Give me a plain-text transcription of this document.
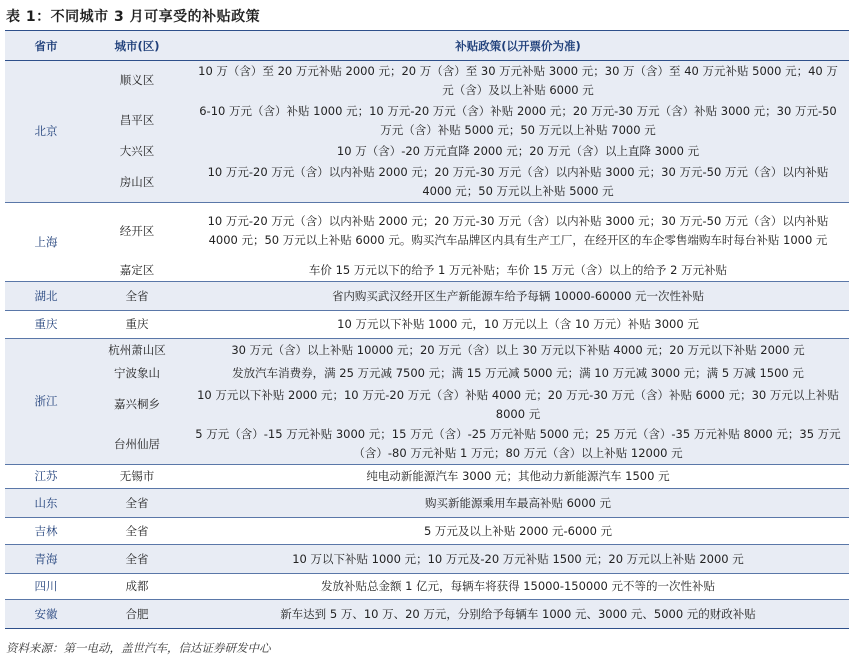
表 1：不同城市 3 月可享受的补贴政策
省市	城市(区)	补贴政策(以开票价为准)
北京	顺义区	10 万（含）至 20 万元补贴 2000 元；20 万（含）至 30 万元补贴 3000 元；30 万（含）至 40 万元补贴 5000 元；40 万元（含）及以上补贴 6000 元
	昌平区	6-10 万元（含）补贴 1000 元；10 万元-20 万元（含）补贴 2000 元；20 万元-30 万元（含）补贴 3000 元；30 万元-50 万元（含）补贴 5000 元；50 万元以上补贴 7000 元
	大兴区	10 万（含）-20 万元直降 2000 元；20 万元（含）以上直降 3000 元
	房山区	10 万元-20 万元（含）以内补贴 2000 元；20 万元-30 万元（含）以内补贴 3000 元；30 万元-50 万元（含）以内补贴 4000 元；50 万元以上补贴 5000 元
上海	经开区	10 万元-20 万元（含）以内补贴 2000 元；20 万元-30 万元（含）以内补贴 3000 元；30 万元-50 万元（含）以内补贴 4000 元；50 万元以上补贴 6000 元。购买汽车品牌区内具有生产工厂，在经开区的车企零售端购车时每台补贴 1000 元
	嘉定区	车价 15 万元以下的给予 1 万元补贴；车价 15 万元（含）以上的给予 2 万元补贴
湖北	全省	省内购买武汉经开区生产新能源车给予每辆 10000-60000 元一次性补贴
重庆	重庆	10 万元以下补贴 1000 元，10 万元以上（含 10 万元）补贴 3000 元
浙江	杭州萧山区	30 万元（含）以上补贴 10000 元；20 万元（含）以上 30 万元以下补贴 4000 元；20 万元以下补贴 2000 元
	宁波象山	发放汽车消费券，满 25 万元减 7500 元；满 15 万元减 5000 元；满 10 万元减 3000 元；满 5 万减 1500 元
	嘉兴桐乡	10 万元以下补贴 2000 元；10 万元-20 万元（含）补贴 4000 元；20 万元-30 万元（含）补贴 6000 元；30 万元以上补贴 8000 元
	台州仙居	5 万元（含）-15 万元补贴 3000 元；15 万元（含）-25 万元补贴 5000 元；25 万元（含）-35 万元补贴 8000 元；35 万元（含）-80 万元补贴 1 万元；80 万元（含）以上补贴 12000 元
江苏	无锡市	纯电动新能源汽车 3000 元；其他动力新能源汽车 1500 元
山东	全省	购买新能源乘用车最高补贴 6000 元
吉林	全省	5 万元及以上补贴 2000 元-6000 元
青海	全省	10 万以下补贴 1000 元；10 万元及-20 万元补贴 1500 元；20 万元以上补贴 2000 元
四川	成都	发放补贴总金额 1 亿元，每辆车将获得 15000-150000 元不等的一次性补贴
安徽	合肥	新车达到 5 万、10 万、20 万元，分别给予每辆车 1000 元、3000 元、5000 元的财政补贴
资料来源：第一电动，盖世汽车，信达证券研发中心
